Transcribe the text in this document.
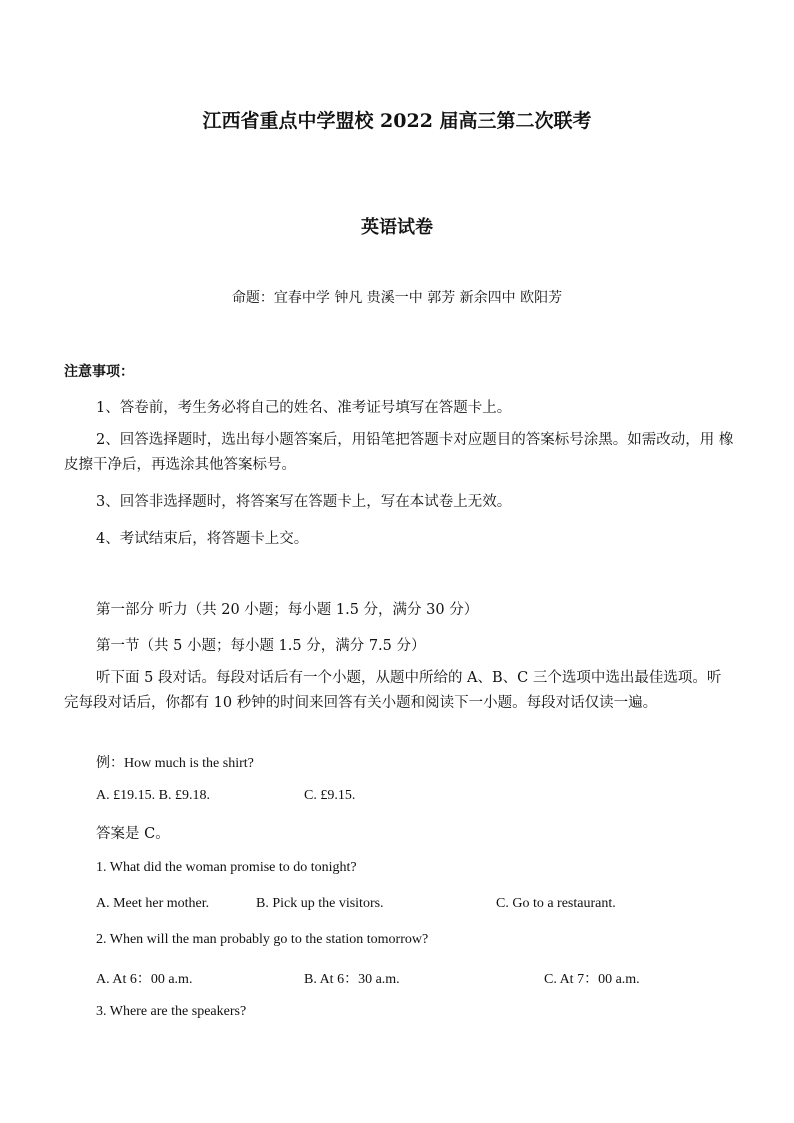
江西省重点中学盟校 2022 届高三第二次联考
英语试卷
命题：宜春中学 钟凡 贵溪一中 郭芳 新余四中 欧阳芳
注意事项：
1、答卷前，考生务必将自己的姓名、准考证号填写在答题卡上。
2、回答选择题时，选出每小题答案后，用铅笔把答题卡对应题目的答案标号涂黑。如需改动，用 橡皮擦干净后，再选涂其他答案标号。
3、回答非选择题时，将答案写在答题卡上，写在本试卷上无效。
4、考试结束后，将答题卡上交。
第一部分 听力（共 20 小题；每小题 1.5 分，满分 30 分）
第一节（共 5 小题；每小题 1.5 分，满分 7.5 分）
听下面 5 段对话。每段对话后有一个小题，从题中所给的 A、B、C 三个选项中选出最佳选项。听 完每段对话后，你都有 10 秒钟的时间来回答有关小题和阅读下一小题。每段对话仅读一遍。
例：How much is the shirt?
A. £19.15. B. £9.18.	C. £9.15.
答案是 C。
1. What did the woman promise to do tonight?
A. Meet her mother.	B. Pick up the visitors.	C. Go to a restaurant.
2. When will the man probably go to the station tomorrow?
A. At 6：00 a.m.	B. At 6：30 a.m.	C. At 7：00 a.m.
3. Where are the speakers?
